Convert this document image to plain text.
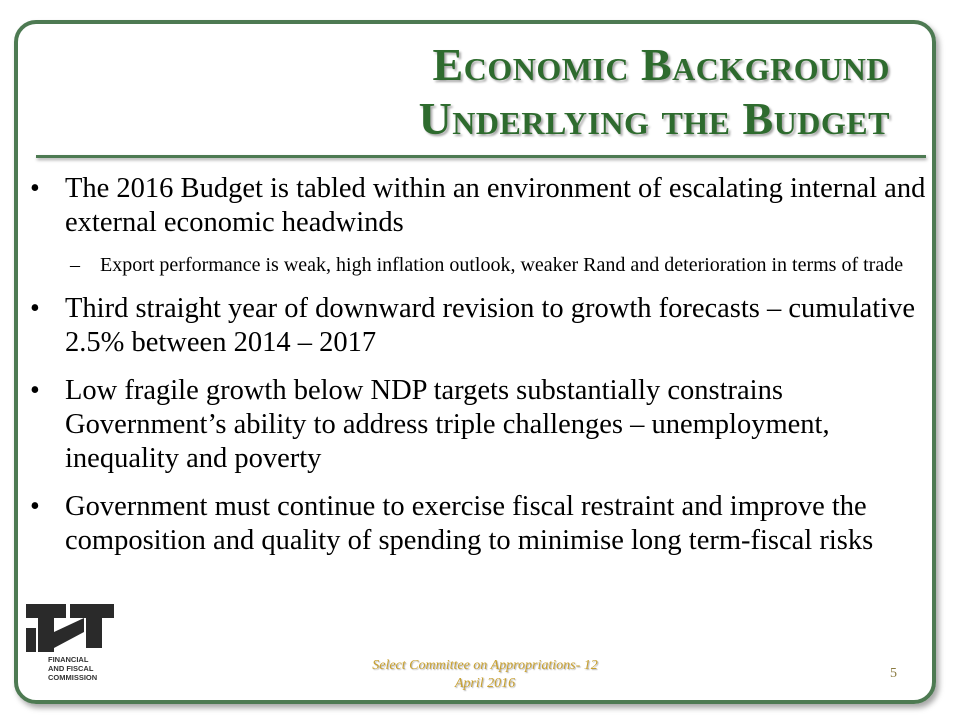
Economic Background
Underlying the Budget
• The 2016 Budget is tabled within an environment of escalating internal and external economic headwinds
– Export performance is weak, high inflation outlook, weaker Rand and deterioration in terms of trade
• Third straight year of downward revision to growth forecasts – cumulative 2.5% between 2014 – 2017
• Low fragile growth below NDP targets substantially constrains Government’s ability to address triple challenges – unemployment, inequality and poverty
• Government must continue to exercise fiscal restraint and improve the composition and quality of spending to minimise long term-fiscal risks
FINANCIAL
AND FISCAL
COMMISSION
Select Committee on Appropriations- 12
April 2016
5
